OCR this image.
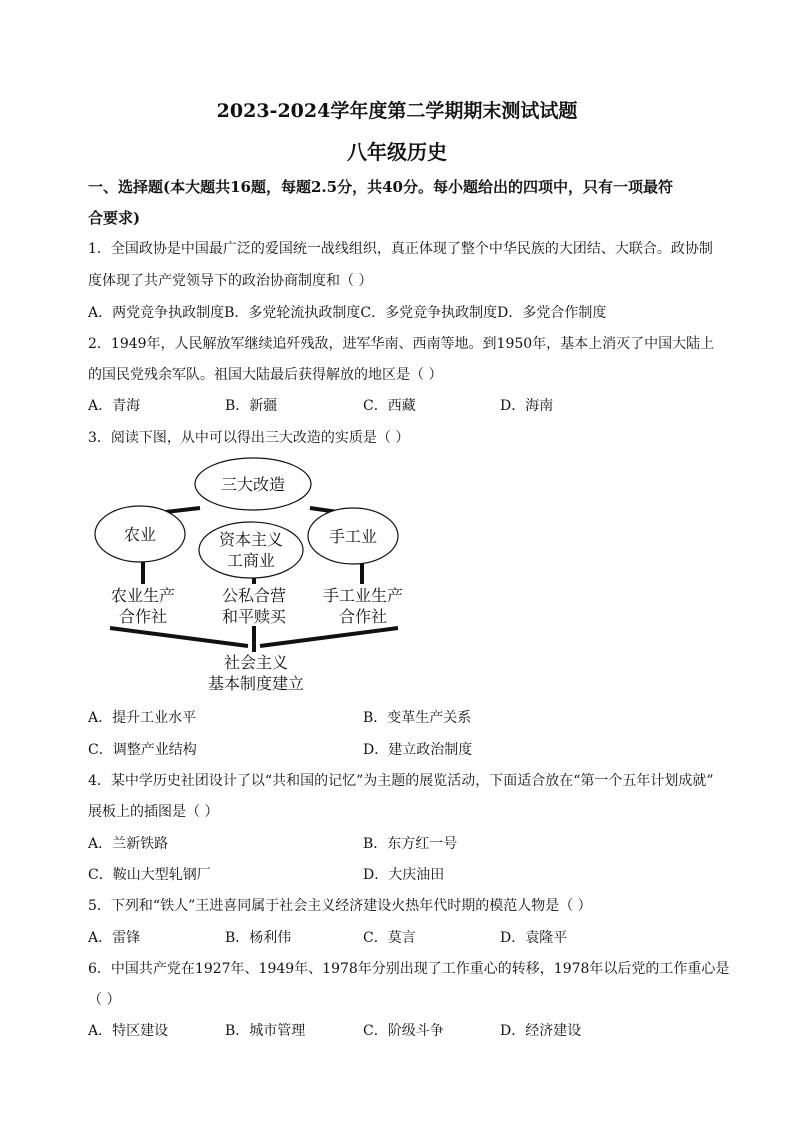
2023-2024学年度第二学期期末测试试题
八年级历史
一、选择题(本大题共16题，每题2.5分，共40分。每小题给出的四项中，只有一项最符
合要求)
1．全国政协是中国最广泛的爱国统一战线组织，真正体现了整个中华民族的大团结、大联合。政协制
度体现了共产党领导下的政治协商制度和（ ）
A．两党竞争执政制度B．多党轮流执政制度C．多党竞争执政制度D．多党合作制度
2．1949年，人民解放军继续追歼残敌，进军华南、西南等地。到1950年，基本上消灭了中国大陆上
的国民党残余军队。祖国大陆最后获得解放的地区是（ ）
A．青海	B．新疆	C．西藏	D．海南
3．阅读下图，从中可以得出三大改造的实质是（ ）
三大改造
农业	手工业
资本主义
工商业
农业生产
合作社
公私合营
和平赎买
手工业生产
合作社
社会主义
基本制度建立
A．提升工业水平	B．变革生产关系
C．调整产业结构	D．建立政治制度
4．某中学历史社团设计了以“共和国的记忆”为主题的展览活动，下面适合放在“第一个五年计划成就”
展板上的插图是（ ）
A．兰新铁路	B．东方红一号
C．鞍山大型轧钢厂	D．大庆油田
5．下列和“铁人”王进喜同属于社会主义经济建设火热年代时期的模范人物是（ ）
A．雷锋	B．杨利伟	C．莫言	D．袁隆平
6．中国共产党在1927年、1949年、1978年分别出现了工作重心的转移，1978年以后党的工作重心是
（ ）
A．特区建设	B．城市管理	C．阶级斗争	D．经济建设
